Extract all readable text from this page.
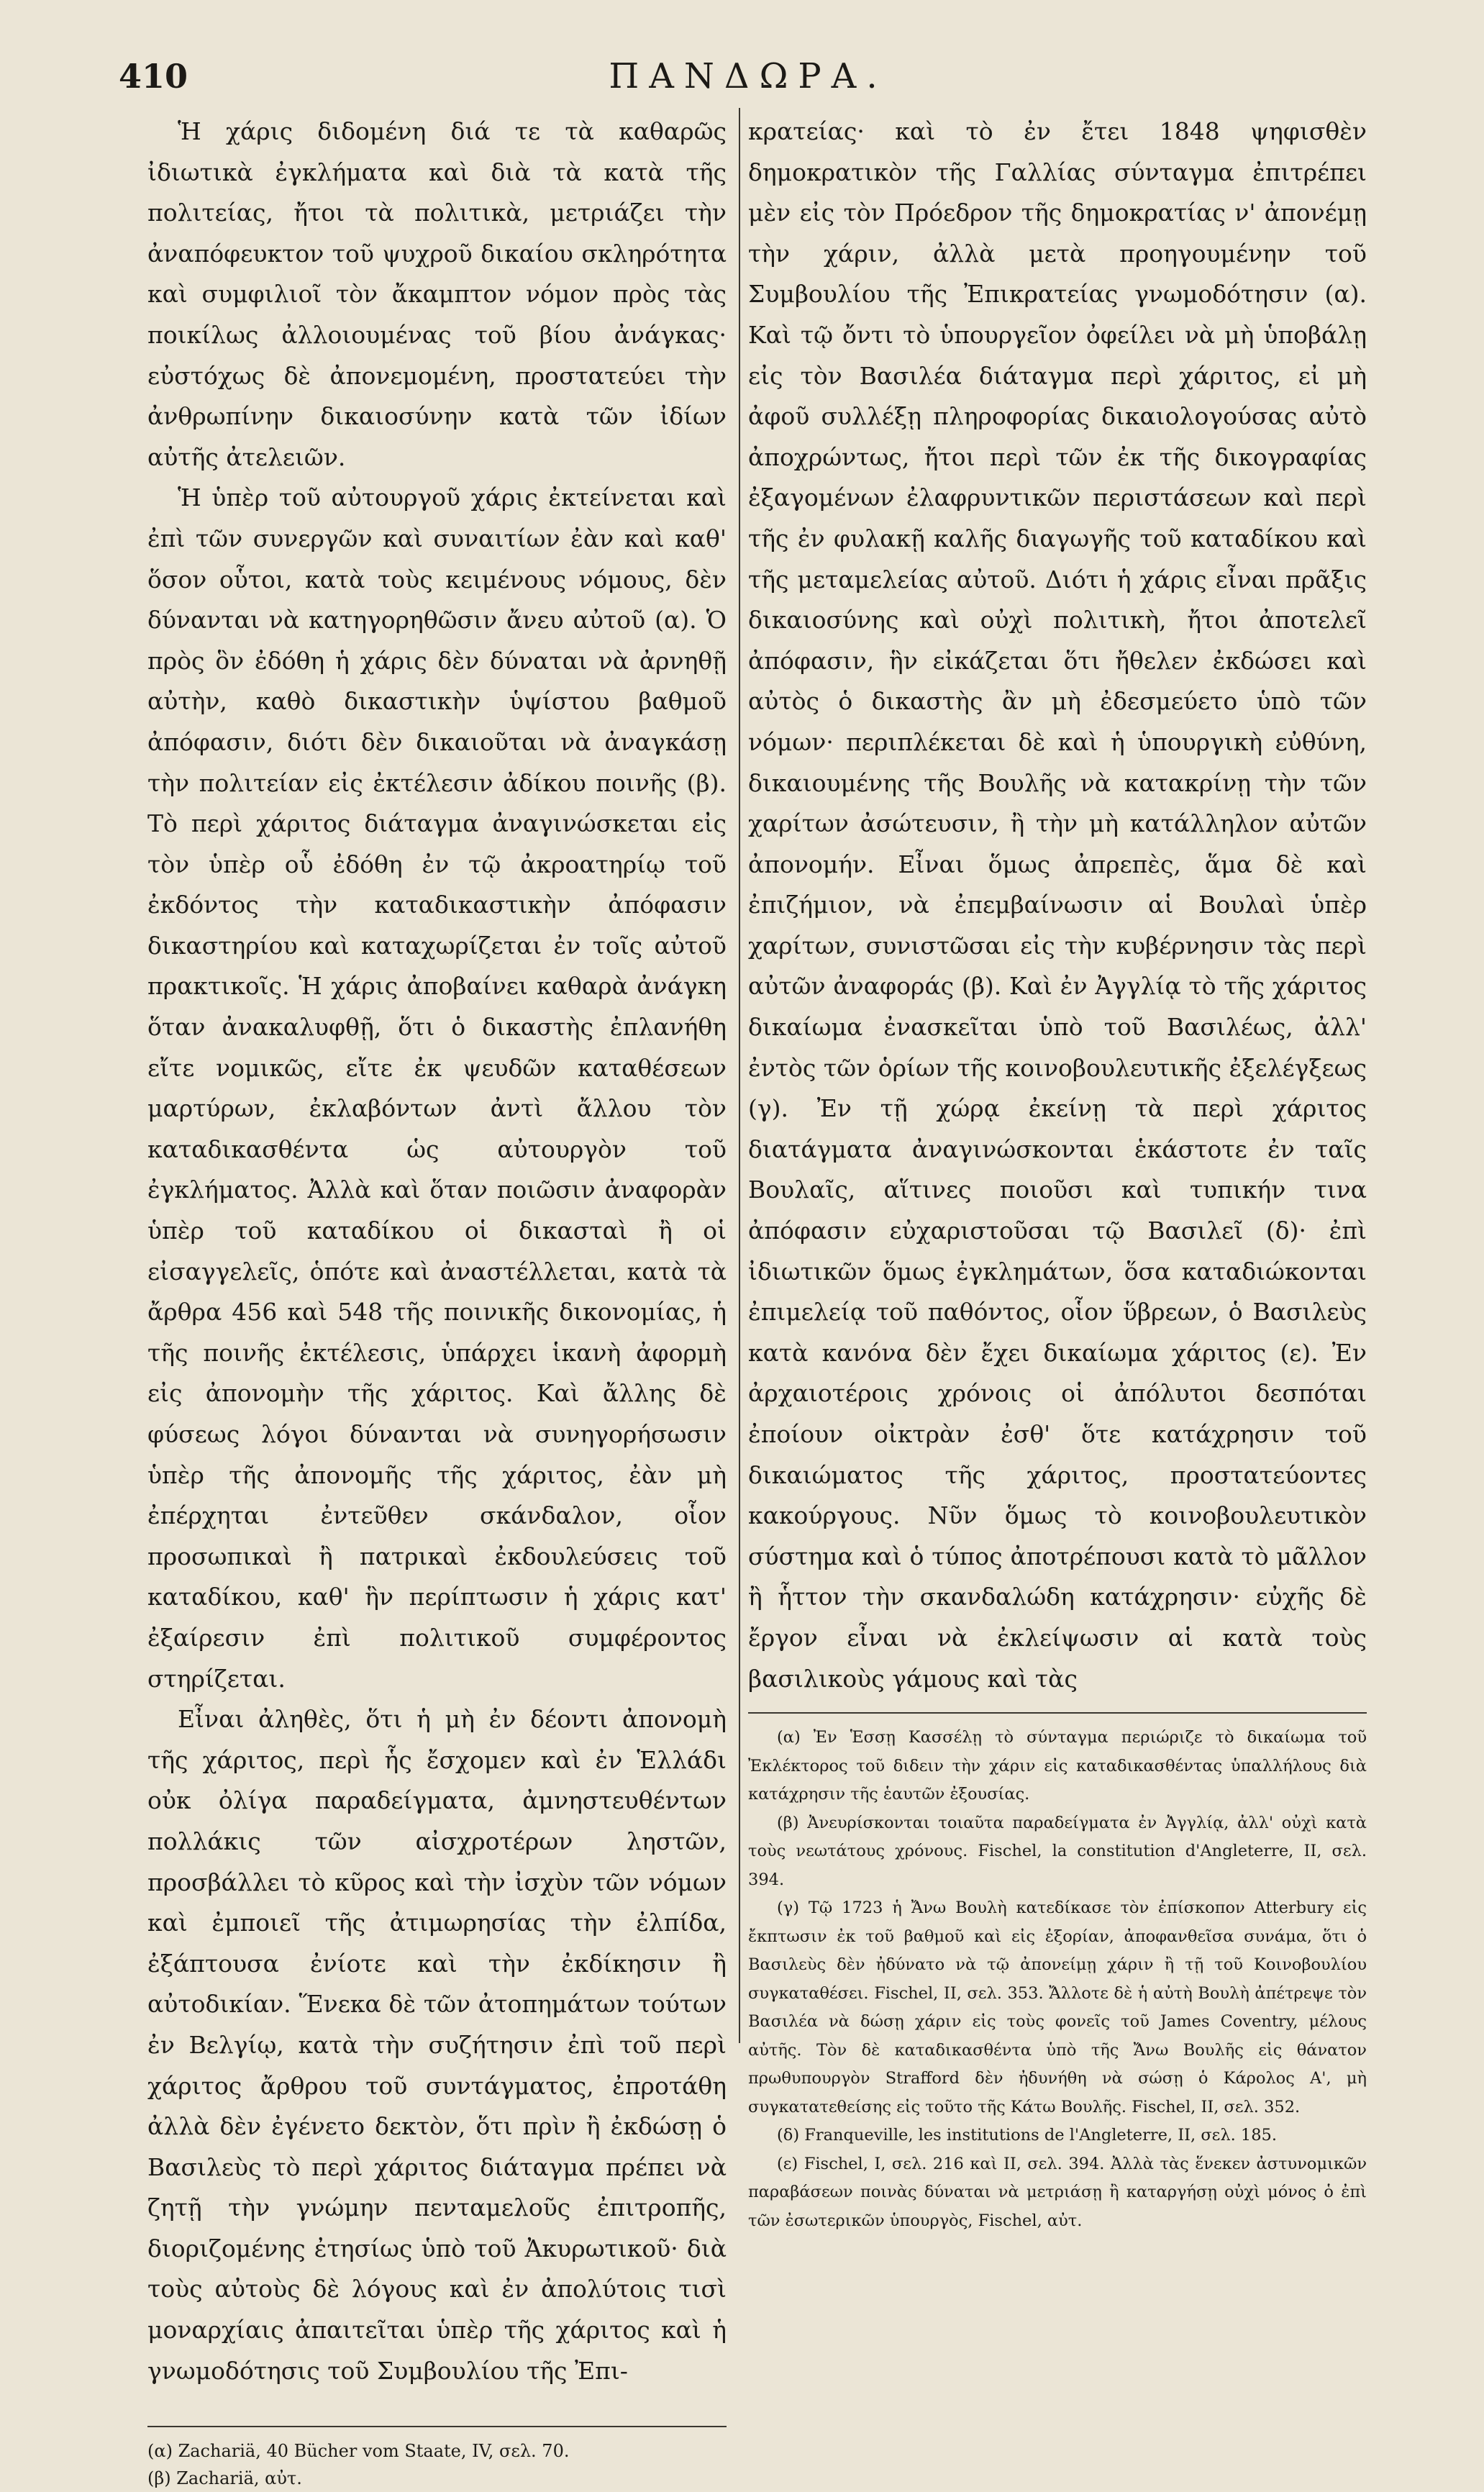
410	ΠΑΝΔΩΡΑ.

Ἡ χάρις διδομένη διά τε τὰ καθαρῶς ἰδιωτικὰ ἐγκλήματα καὶ διὰ τὰ κατὰ τῆς πολιτείας, ἤτοι τὰ πολιτικὰ, μετριάζει τὴν ἀναπόφευκτον τοῦ ψυχροῦ δικαίου σκληρότητα καὶ συμφιλιοῖ τὸν ἄκαμπτον νόμον πρὸς τὰς ποικίλως ἀλλοιουμένας τοῦ βίου ἀνάγκας· εὐστόχως δὲ ἀπονεμομένη, προστατεύει τὴν ἀνθρωπίνην δικαιοσύνην κατὰ τῶν ἰδίων αὐτῆς ἀτελειῶν.

Ἡ ὑπὲρ τοῦ αὐτουργοῦ χάρις ἐκτείνεται καὶ ἐπὶ τῶν συνεργῶν καὶ συναιτίων ἐὰν καὶ καθ' ὅσον οὗτοι, κατὰ τοὺς κειμένους νόμους, δὲν δύνανται νὰ κατηγορηθῶσιν ἄνευ αὐτοῦ (α). Ὁ πρὸς ὃν ἐδόθη ἡ χάρις δὲν δύναται νὰ ἀρνηθῇ αὐτὴν, καθὸ δικαστικὴν ὑψίστου βαθμοῦ ἀπόφασιν, διότι δὲν δικαιοῦται νὰ ἀναγκάσῃ τὴν πολιτείαν εἰς ἐκτέλεσιν ἀδίκου ποινῆς (β). Τὸ περὶ χάριτος διάταγμα ἀναγινώσκεται εἰς τὸν ὑπὲρ οὗ ἐδόθη ἐν τῷ ἀκροατηρίῳ τοῦ ἐκδόντος τὴν καταδικαστικὴν ἀπόφασιν δικαστηρίου καὶ καταχωρίζεται ἐν τοῖς αὐτοῦ πρακτικοῖς. Ἡ χάρις ἀποβαίνει καθαρὰ ἀνάγκη ὅταν ἀνακαλυφθῇ, ὅτι ὁ δικαστὴς ἐπλανήθη εἴτε νομικῶς, εἴτε ἐκ ψευδῶν καταθέσεων μαρτύρων, ἐκλαβόντων ἀντὶ ἄλλου τὸν καταδικασθέντα ὡς αὐτουργὸν τοῦ ἐγκλήματος. Ἀλλὰ καὶ ὅταν ποιῶσιν ἀναφορὰν ὑπὲρ τοῦ καταδίκου οἱ δικασταὶ ἢ οἱ εἰσαγγελεῖς, ὁπότε καὶ ἀναστέλλεται, κατὰ τὰ ἄρθρα 456 καὶ 548 τῆς ποινικῆς δικονομίας, ἡ τῆς ποινῆς ἐκτέλεσις, ὑπάρχει ἱκανὴ ἀφορμὴ εἰς ἀπονομὴν τῆς χάριτος. Καὶ ἄλλης δὲ φύσεως λόγοι δύνανται νὰ συνηγορήσωσιν ὑπὲρ τῆς ἀπονομῆς τῆς χάριτος, ἐὰν μὴ ἐπέρχηται ἐντεῦθεν σκάνδαλον, οἷον προσωπικαὶ ἢ πατρικαὶ ἐκδουλεύσεις τοῦ καταδίκου, καθ' ἣν περίπτωσιν ἡ χάρις κατ' ἐξαίρεσιν ἐπὶ πολιτικοῦ συμφέροντος στηρίζεται.

Εἶναι ἀληθὲς, ὅτι ἡ μὴ ἐν δέοντι ἀπονομὴ τῆς χάριτος, περὶ ἧς ἔσχομεν καὶ ἐν Ἑλλάδι οὐκ ὀλίγα παραδείγματα, ἀμνηστευθέντων πολλάκις τῶν αἰσχροτέρων ληστῶν, προσβάλλει τὸ κῦρος καὶ τὴν ἰσχὺν τῶν νόμων καὶ ἐμποιεῖ τῆς ἀτιμωρησίας τὴν ἐλπίδα, ἐξάπτουσα ἐνίοτε καὶ τὴν ἐκδίκησιν ἢ αὐτοδικίαν. Ἕνεκα δὲ τῶν ἀτοπημάτων τούτων ἐν Βελγίῳ, κατὰ τὴν συζήτησιν ἐπὶ τοῦ περὶ χάριτος ἄρθρου τοῦ συντάγματος, ἐπροτάθη ἀλλὰ δὲν ἐγένετο δεκτὸν, ὅτι πρὶν ἢ ἐκδώσῃ ὁ Βασιλεὺς τὸ περὶ χάριτος διάταγμα πρέπει νὰ ζητῇ τὴν γνώμην πενταμελοῦς ἐπιτροπῆς, διοριζομένης ἐτησίως ὑπὸ τοῦ Ἀκυρωτικοῦ· διὰ τοὺς αὐτοὺς δὲ λόγους καὶ ἐν ἀπολύτοις τισὶ μοναρχίαις ἀπαιτεῖται ὑπὲρ τῆς χάριτος καὶ ἡ γνωμοδότησις τοῦ Συμβουλίου τῆς Ἐπι-

(α) Zachariä, 40 Bücher vom Staate, IV, σελ. 70.

(β) Zachariä, αὐτ.

κρατείας· καὶ τὸ ἐν ἔτει 1848 ψηφισθὲν δημοκρατικὸν τῆς Γαλλίας σύνταγμα ἐπιτρέπει μὲν εἰς τὸν Πρόεδρον τῆς δημοκρατίας ν' ἀπονέμῃ τὴν χάριν, ἀλλὰ μετὰ προηγουμένην τοῦ Συμβουλίου τῆς Ἐπικρατείας γνωμοδότησιν (α). Καὶ τῷ ὄντι τὸ ὑπουργεῖον ὀφείλει νὰ μὴ ὑποβάλῃ εἰς τὸν Βασιλέα διάταγμα περὶ χάριτος, εἰ μὴ ἀφοῦ συλλέξῃ πληροφορίας δικαιολογούσας αὐτὸ ἀποχρώντως, ἤτοι περὶ τῶν ἐκ τῆς δικογραφίας ἐξαγομένων ἐλαφρυντικῶν περιστάσεων καὶ περὶ τῆς ἐν φυλακῇ καλῆς διαγωγῆς τοῦ καταδίκου καὶ τῆς μεταμελείας αὐτοῦ. Διότι ἡ χάρις εἶναι πρᾶξις δικαιοσύνης καὶ οὐχὶ πολιτικὴ, ἤτοι ἀποτελεῖ ἀπόφασιν, ἣν εἰκάζεται ὅτι ἤθελεν ἐκδώσει καὶ αὐτὸς ὁ δικαστὴς ἂν μὴ ἐδεσμεύετο ὑπὸ τῶν νόμων· περιπλέκεται δὲ καὶ ἡ ὑπουργικὴ εὐθύνη, δικαιουμένης τῆς Βουλῆς νὰ κατακρίνῃ τὴν τῶν χαρίτων ἀσώτευσιν, ἢ τὴν μὴ κατάλληλον αὐτῶν ἀπονομήν. Εἶναι ὅμως ἀπρεπὲς, ἅμα δὲ καὶ ἐπιζήμιον, νὰ ἐπεμβαίνωσιν αἱ Βουλαὶ ὑπὲρ χαρίτων, συνιστῶσαι εἰς τὴν κυβέρνησιν τὰς περὶ αὐτῶν ἀναφοράς (β). Καὶ ἐν Ἀγγλίᾳ τὸ τῆς χάριτος δικαίωμα ἐνασκεῖται ὑπὸ τοῦ Βασιλέως, ἀλλ' ἐντὸς τῶν ὁρίων τῆς κοινοβουλευτικῆς ἐξελέγξεως (γ). Ἐν τῇ χώρᾳ ἐκείνῃ τὰ περὶ χάριτος διατάγματα ἀναγινώσκονται ἑκάστοτε ἐν ταῖς Βουλαῖς, αἵτινες ποιοῦσι καὶ τυπικήν τινα ἀπόφασιν εὐχαριστοῦσαι τῷ Βασιλεῖ (δ)· ἐπὶ ἰδιωτικῶν ὅμως ἐγκλημάτων, ὅσα καταδιώκονται ἐπιμελείᾳ τοῦ παθόντος, οἷον ὕβρεων, ὁ Βασιλεὺς κατὰ κανόνα δὲν ἔχει δικαίωμα χάριτος (ε). Ἐν ἀρχαιοτέροις χρόνοις οἱ ἀπόλυτοι δεσπόται ἐποίουν οἰκτρὰν ἐσθ' ὅτε κατάχρησιν τοῦ δικαιώματος τῆς χάριτος, προστατεύοντες κακούργους. Νῦν ὅμως τὸ κοινοβουλευτικὸν σύστημα καὶ ὁ τύπος ἀποτρέπουσι κατὰ τὸ μᾶλλον ἢ ἧττον τὴν σκανδαλώδη κατάχρησιν· εὐχῆς δὲ ἔργον εἶναι νὰ ἐκλείψωσιν αἱ κατὰ τοὺς βασιλικοὺς γάμους καὶ τὰς

(α) Ἐν Ἑσσῃ Κασσέλῃ τὸ σύνταγμα περιώριζε τὸ δικαίωμα τοῦ Ἐκλέκτορος τοῦ διδειν τὴν χάριν εἰς καταδικασθέντας ὑπαλλήλους διὰ κατάχρησιν τῆς ἑαυτῶν ἐξουσίας.

(β) Ἀνευρίσκονται τοιαῦτα παραδείγματα ἐν Ἀγγλίᾳ, ἀλλ' οὐχὶ κατὰ τοὺς νεωτάτους χρόνους. Fischel, la constitution d'Angleterre, II, σελ. 394.

(γ) Τῷ 1723 ἡ Ἄνω Βουλὴ κατεδίκασε τὸν ἐπίσκοπον Atterbury εἰς ἔκπτωσιν ἐκ τοῦ βαθμοῦ καὶ εἰς ἐξορίαν, ἀποφανθεῖσα συνάμα, ὅτι ὁ Βασιλεὺς δὲν ἠδύνατο νὰ τῷ ἀπονείμῃ χάριν ἢ τῇ τοῦ Κοινοβουλίου συγκαταθέσει. Fischel, II, σελ. 353. Ἄλλοτε δὲ ἡ αὐτὴ Βουλὴ ἀπέτρεψε τὸν Βασιλέα νὰ δώσῃ χάριν εἰς τοὺς φονεῖς τοῦ James Coventry, μέλους αὐτῆς. Τὸν δὲ καταδικασθέντα ὑπὸ τῆς Ἄνω Βουλῆς εἰς θάνατον πρωθυπουργὸν Strafford δὲν ἠδυνήθη νὰ σώσῃ ὁ Κάρολος Α', μὴ συγκατατεθείσης εἰς τοῦτο τῆς Κάτω Βουλῆς. Fischel, II, σελ. 352.

(δ) Franqueville, les institutions de l'Angleterre, II, σελ. 185.

(ε) Fischel, I, σελ. 216 καὶ II, σελ. 394. Ἀλλὰ τὰς ἕνεκεν ἀστυνομικῶν παραβάσεων ποινὰς δύναται νὰ μετριάσῃ ἢ καταργήσῃ οὐχὶ μόνος ὁ ἐπὶ τῶν ἐσωτερικῶν ὑπουργὸς, Fischel, αὐτ.
